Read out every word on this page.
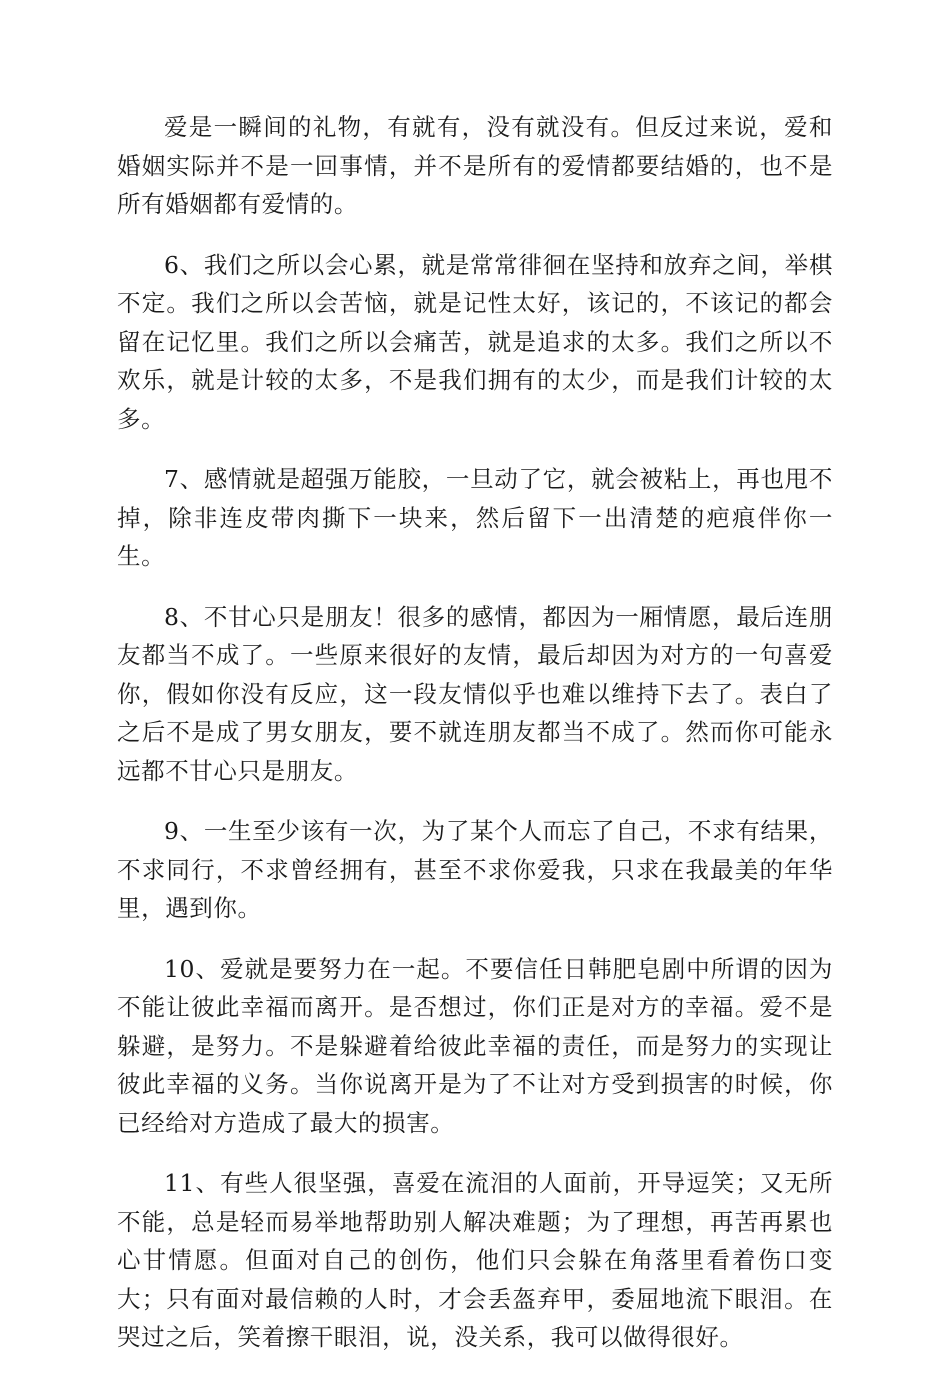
爱是一瞬间的礼物，有就有，没有就没有。但反过来说，爱和婚姻实际并不是一回事情，并不是所有的爱情都要结婚的，也不是所有婚姻都有爱情的。

6、我们之所以会心累，就是常常徘徊在坚持和放弃之间，举棋不定。我们之所以会苦恼，就是记性太好，该记的，不该记的都会留在记忆里。我们之所以会痛苦，就是追求的太多。我们之所以不欢乐，就是计较的太多，不是我们拥有的太少，而是我们计较的太多。

7、感情就是超强万能胶，一旦动了它，就会被粘上，再也甩不掉，除非连皮带肉撕下一块来，然后留下一出清楚的疤痕伴你一生。

8、不甘心只是朋友！很多的感情，都因为一厢情愿，最后连朋友都当不成了。一些原来很好的友情，最后却因为对方的一句喜爱你，假如你没有反应，这一段友情似乎也难以维持下去了。表白了之后不是成了男女朋友，要不就连朋友都当不成了。然而你可能永远都不甘心只是朋友。

9、一生至少该有一次，为了某个人而忘了自己，不求有结果，不求同行，不求曾经拥有，甚至不求你爱我，只求在我最美的年华里，遇到你。

10、爱就是要努力在一起。不要信任日韩肥皂剧中所谓的因为不能让彼此幸福而离开。是否想过，你们正是对方的幸福。爱不是躲避，是努力。不是躲避着给彼此幸福的责任，而是努力的实现让彼此幸福的义务。当你说离开是为了不让对方受到损害的时候，你已经给对方造成了最大的损害。

11、有些人很坚强，喜爱在流泪的人面前，开导逗笑；又无所不能，总是轻而易举地帮助别人解决难题；为了理想，再苦再累也心甘情愿。但面对自己的创伤，他们只会躲在角落里看着伤口变大；只有面对最信赖的人时，才会丢盔弃甲，委屈地流下眼泪。在哭过之后，笑着擦干眼泪，说，没关系，我可以做得很好。
